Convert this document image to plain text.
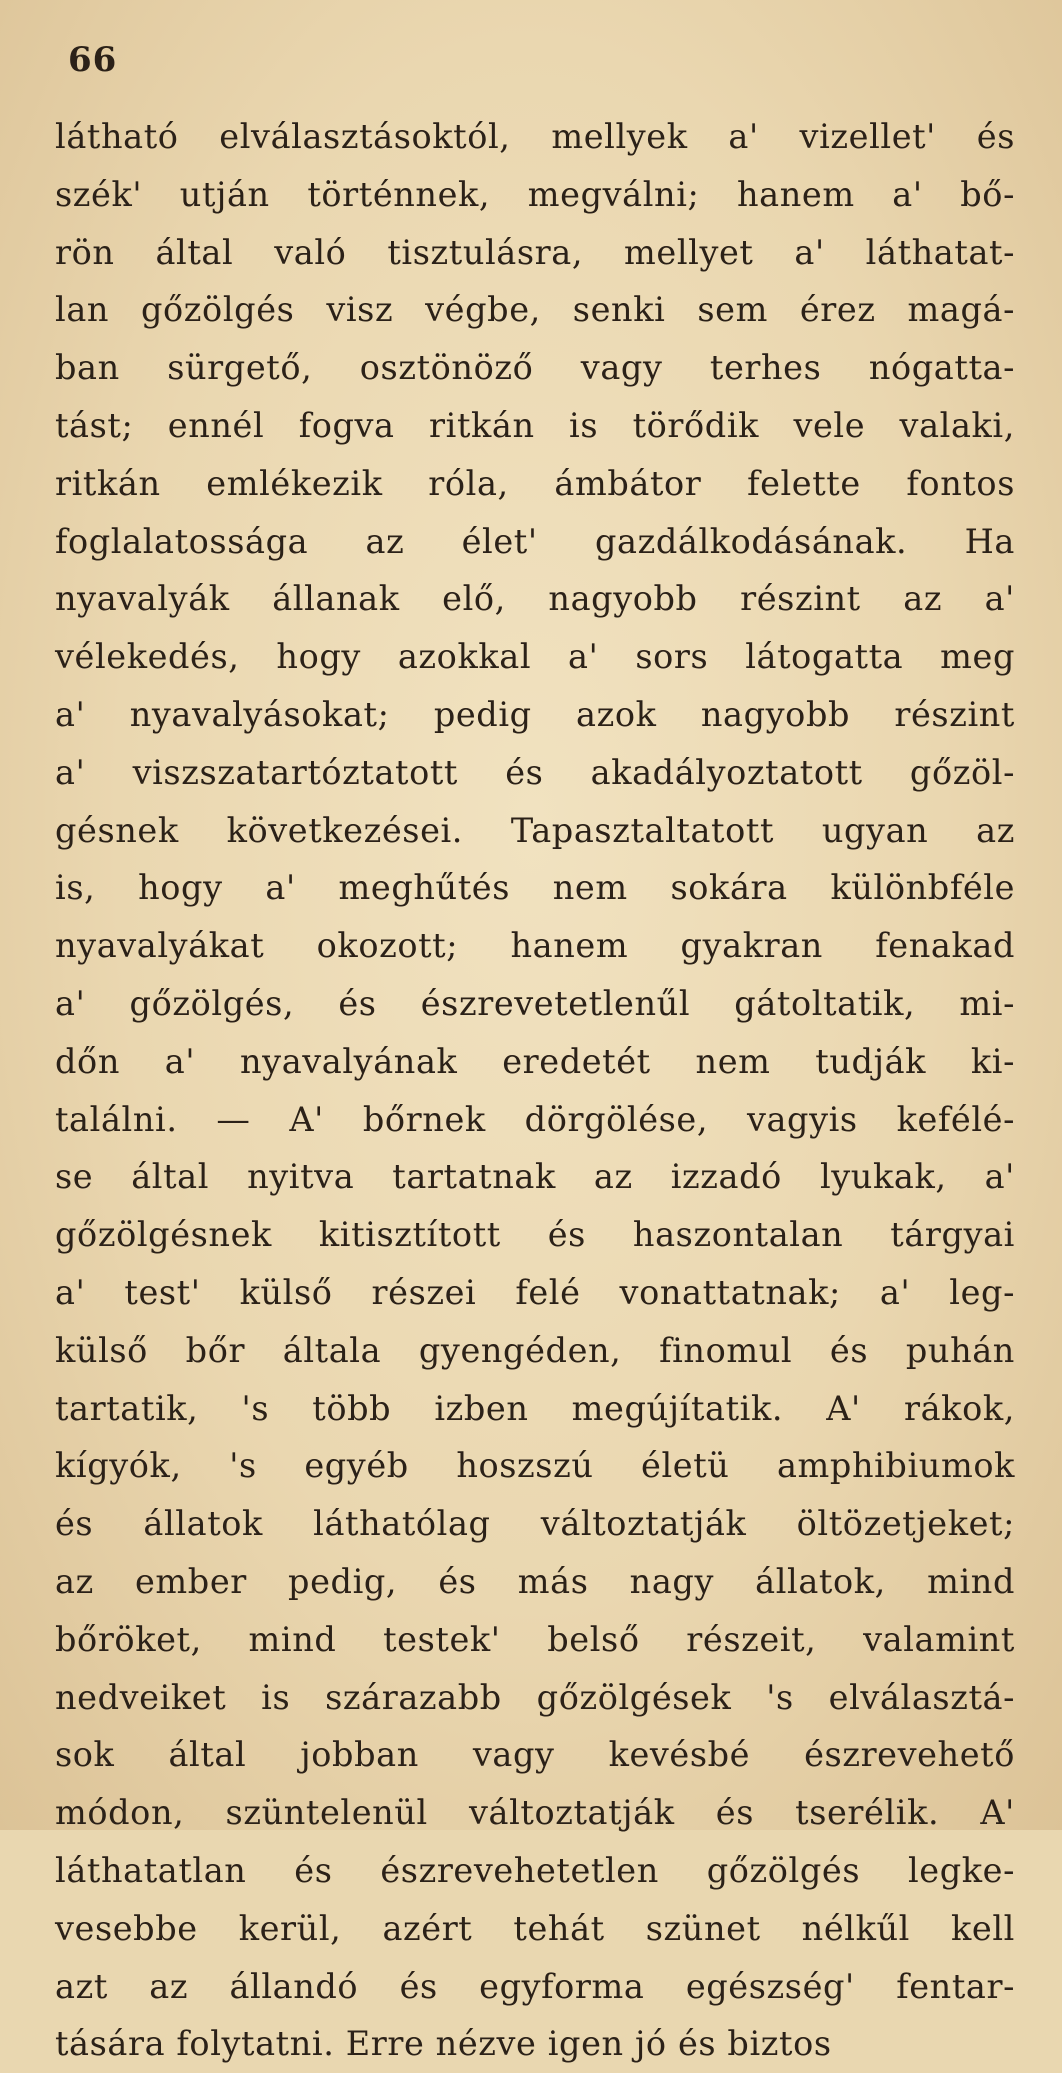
66
látható elválasztásoktól, mellyek a' vizellet' és
szék' utján történnek, megválni; hanem a' bő-
rön által való tisztulásra, mellyet a' láthatat-
lan gőzölgés visz végbe, senki sem érez magá-
ban sürgető, osztönöző vagy terhes nógatta-
tást; ennél fogva ritkán is törődik vele valaki,
ritkán emlékezik róla, ámbátor felette fontos
foglalatossága az élet' gazdálkodásának. Ha
nyavalyák állanak elő, nagyobb részint az a'
vélekedés, hogy azokkal a' sors látogatta meg
a' nyavalyásokat; pedig azok nagyobb részint
a' viszszatartóztatott és akadályoztatott gőzöl-
gésnek következései. Tapasztaltatott ugyan az
is, hogy a' meghűtés nem sokára különbféle
nyavalyákat okozott; hanem gyakran fenakad
a' gőzölgés, és észrevetetlenűl gátoltatik, mi-
dőn a' nyavalyának eredetét nem tudják ki-
találni. — A' bőrnek dörgölése, vagyis kefélé-
se által nyitva tartatnak az izzadó lyukak, a'
gőzölgésnek kitisztított és haszontalan tárgyai
a' test' külső részei felé vonattatnak; a' leg-
külső bőr általa gyengéden, finomul és puhán
tartatik, 's több izben megújítatik. A' rákok,
kígyók, 's egyéb hoszszú életü amphibiumok
és állatok láthatólag változtatják öltözetjeket;
az ember pedig, és más nagy állatok, mind
bőröket, mind testek' belső részeit, valamint
nedveiket is szárazabb gőzölgések 's elválasztá-
sok által jobban vagy kevésbé észrevehető
módon, szüntelenül változtatják és tserélik. A'
láthatatlan és észrevehetetlen gőzölgés legke-
vesebbe kerül, azért tehát szünet nélkűl kell
azt az állandó és egyforma egészség' fentar-
tására folytatni. Erre nézve igen jó és biztos
